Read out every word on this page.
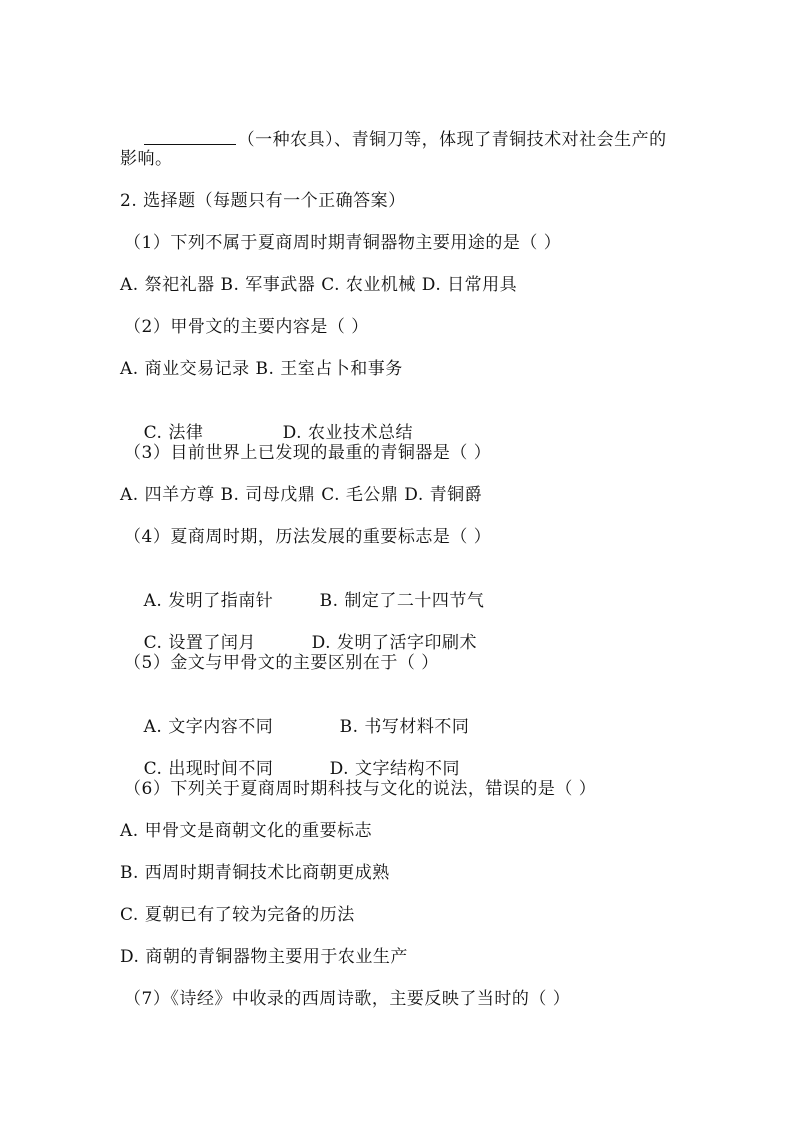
（一种农具）、青铜刀等，体现了青铜技术对社会生产的

影响。
2. 选择题（每题只有一个正确答案）
（1）下列不属于夏商周时期青铜器物主要用途的是（ ）
A. 祭祀礼器 B. 军事武器 C. 农业机械 D. 日常用具
（2）甲骨文的主要内容是（ ）
A. 商业交易记录 B. 王室占卜和事务

C. 法律	D. 农业技术总结

（3）目前世界上已发现的最重的青铜器是（ ）
A. 四羊方尊 B. 司母戊鼎 C. 毛公鼎 D. 青铜爵
（4）夏商周时期，历法发展的重要标志是（ ）

A. 发明了指南针	B. 制定了二十四节气

C. 设置了闰月	D. 发明了活字印刷术

（5）金文与甲骨文的主要区别在于（ ）

A. 文字内容不同	B. 书写材料不同

C. 出现时间不同	D. 文字结构不同

（6）下列关于夏商周时期科技与文化的说法，错误的是（ ）
A. 甲骨文是商朝文化的重要标志
B. 西周时期青铜技术比商朝更成熟
C. 夏朝已有了较为完备的历法
D. 商朝的青铜器物主要用于农业生产
（7）《诗经》中收录的西周诗歌，主要反映了当时的（ ）
